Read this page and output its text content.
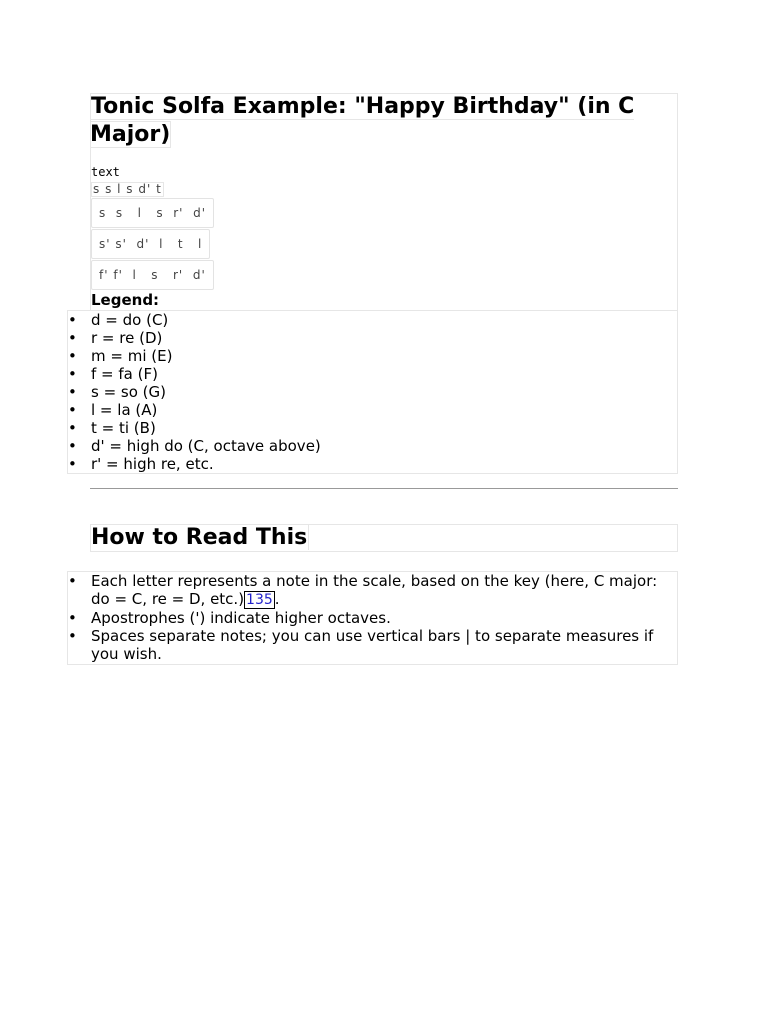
Tonic Solfa Example: "Happy Birthday" (in C Major)
text
s s l s d' t
s  s   l   s  r'  d'
s' s'  d'  l   t   l
f' f'  l   s   r'  d'
Legend:
• d = do (C)
• r = re (D)
• m = mi (E)
• f = fa (F)
• s = so (G)
• l = la (A)
• t = ti (B)
• d' = high do (C, octave above)
• r' = high re, etc.
How to Read This
• Each letter represents a note in the scale, based on the key (here, C major: do = C, re = D, etc.) 135 .
• Apostrophes (') indicate higher octaves.
• Spaces separate notes; you can use vertical bars | to separate measures if you wish.
